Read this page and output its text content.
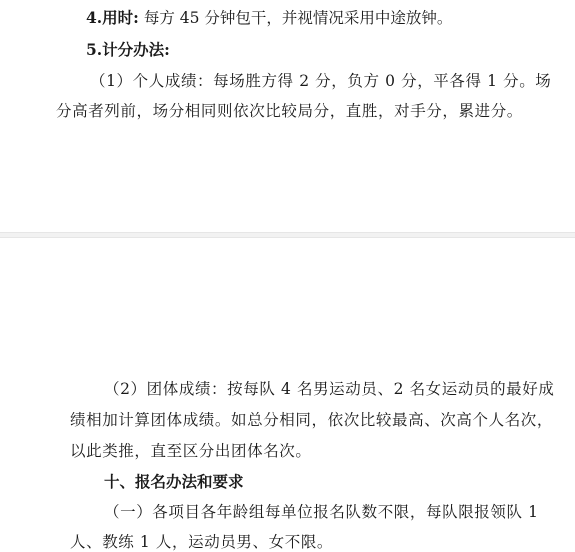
4.用时: 每方 45 分钟包干，并视情况采用中途放钟。
5.计分办法:
（1）个人成绩：每场胜方得 2 分，负方 0 分，平各得 1 分。场
分高者列前，场分相同则依次比较局分，直胜，对手分，累进分。
（2）团体成绩：按每队 4 名男运动员、2 名女运动员的最好成
绩相加计算团体成绩。如总分相同，依次比较最高、次高个人名次，
以此类推，直至区分出团体名次。
十、报名办法和要求
（一）各项目各年龄组每单位报名队数不限，每队限报领队 1
人、教练 1 人，运动员男、女不限。
